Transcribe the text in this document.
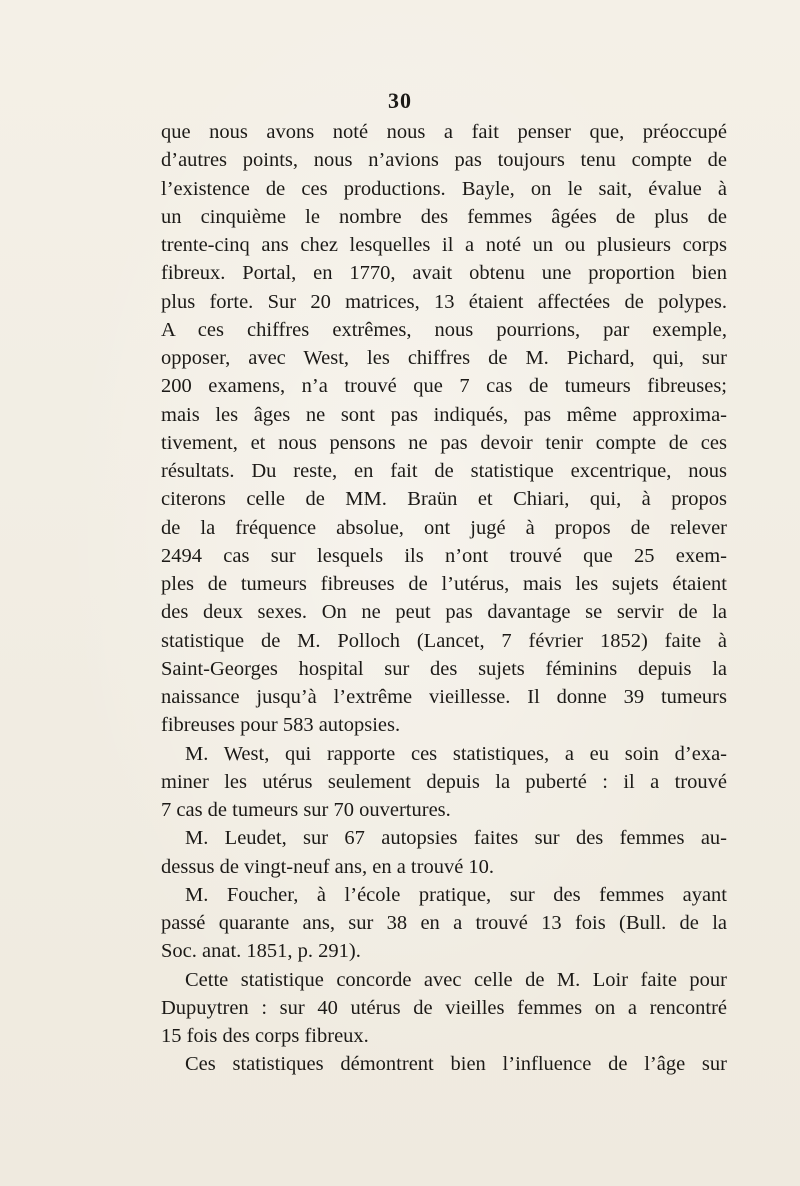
30
que nous avons noté nous a fait penser que, préoccupé
d’autres points, nous n’avions pas toujours tenu compte de
l’existence de ces productions. Bayle, on le sait, évalue à
un cinquième le nombre des femmes âgées de plus de
trente-cinq ans chez lesquelles il a noté un ou plusieurs corps
fibreux. Portal, en 1770, avait obtenu une proportion bien
plus forte. Sur 20 matrices, 13 étaient affectées de polypes.
A ces chiffres extrêmes, nous pourrions, par exemple,
opposer, avec West, les chiffres de M. Pichard, qui, sur
200 examens, n’a trouvé que 7 cas de tumeurs fibreuses;
mais les âges ne sont pas indiqués, pas même approxima-
tivement, et nous pensons ne pas devoir tenir compte de ces
résultats. Du reste, en fait de statistique excentrique, nous
citerons celle de MM. Braün et Chiari, qui, à propos
de la fréquence absolue, ont jugé à propos de relever
2494 cas sur lesquels ils n’ont trouvé que 25 exem-
ples de tumeurs fibreuses de l’utérus, mais les sujets étaient
des deux sexes. On ne peut pas davantage se servir de la
statistique de M. Polloch (Lancet, 7 février 1852) faite à
Saint-Georges hospital sur des sujets féminins depuis la
naissance jusqu’à l’extrême vieillesse. Il donne 39 tumeurs
fibreuses pour 583 autopsies.
M. West, qui rapporte ces statistiques, a eu soin d’exa-
miner les utérus seulement depuis la puberté : il a trouvé
7 cas de tumeurs sur 70 ouvertures.
M. Leudet, sur 67 autopsies faites sur des femmes au-
dessus de vingt-neuf ans, en a trouvé 10.
M. Foucher, à l’école pratique, sur des femmes ayant
passé quarante ans, sur 38 en a trouvé 13 fois (Bull. de la
Soc. anat. 1851, p. 291).
Cette statistique concorde avec celle de M. Loir faite pour
Dupuytren : sur 40 utérus de vieilles femmes on a rencontré
15 fois des corps fibreux.
Ces statistiques démontrent bien l’influence de l’âge sur
